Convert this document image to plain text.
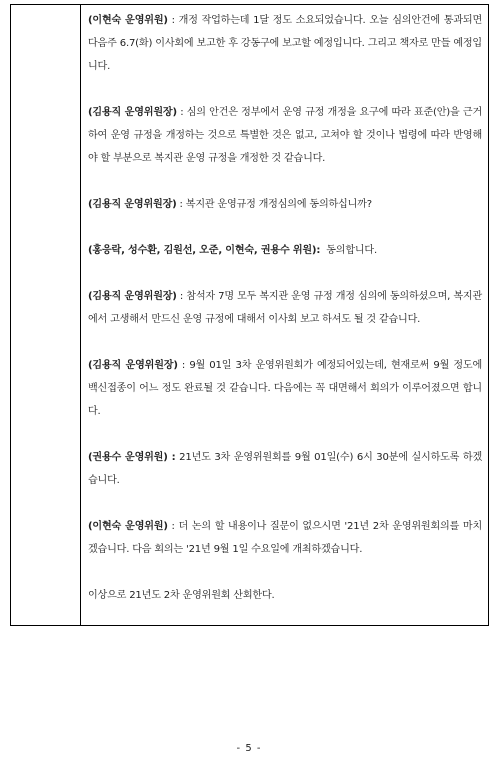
(이현숙 운영위원) : 개정 작업하는데 1달 정도 소요되었습니다. 오늘 심의안건에 통과되면 다음주 6.7(화) 이사회에 보고한 후 강동구에 보고할 예정입니다. 그리고 책자로 만들 예정입니다.

(김용직 운영위원장) : 심의 안건은 정부에서 운영 규정 개정을 요구에 따라 표준(안)을 근거하여 운영 규정을 개정하는 것으로 특별한 것은 없고, 고쳐야 할 것이나 법령에 따라 반영해야 할 부분으로 복지관 운영 규정을 개정한 것 같습니다.

(김용직 운영위원장) : 복지관 운영규정 개정심의에 동의하십니까?

(홍응락, 성수환, 김원선, 오준, 이현숙, 권용수 위원): 동의합니다.

(김용직 운영위원장) : 참석자 7명 모두 복지관 운영 규정 개정 심의에 동의하셨으며, 복지관에서 고생해서 만드신 운영 규정에 대해서 이사회 보고 하셔도 될 것 같습니다.

(김용직 운영위원장) : 9월 01일 3차 운영위원회가 예정되어있는데, 현재로써 9월 정도에 백신접종이 어느 정도 완료될 것 같습니다. 다음에는 꼭 대면해서 회의가 이루어졌으면 합니다.

(권용수 운영위원) : 21년도 3차 운영위원회를 9월 01일(수) 6시 30분에 실시하도록 하겠습니다.

(이현숙 운영위원) : 더 논의 할 내용이나 질문이 없으시면 '21년 2차 운영위원회의를 마치겠습니다. 다음 회의는 '21년 9월 1일 수요일에 개최하겠습니다.

이상으로 21년도 2차 운영위원회 산회한다.

- 5 -
